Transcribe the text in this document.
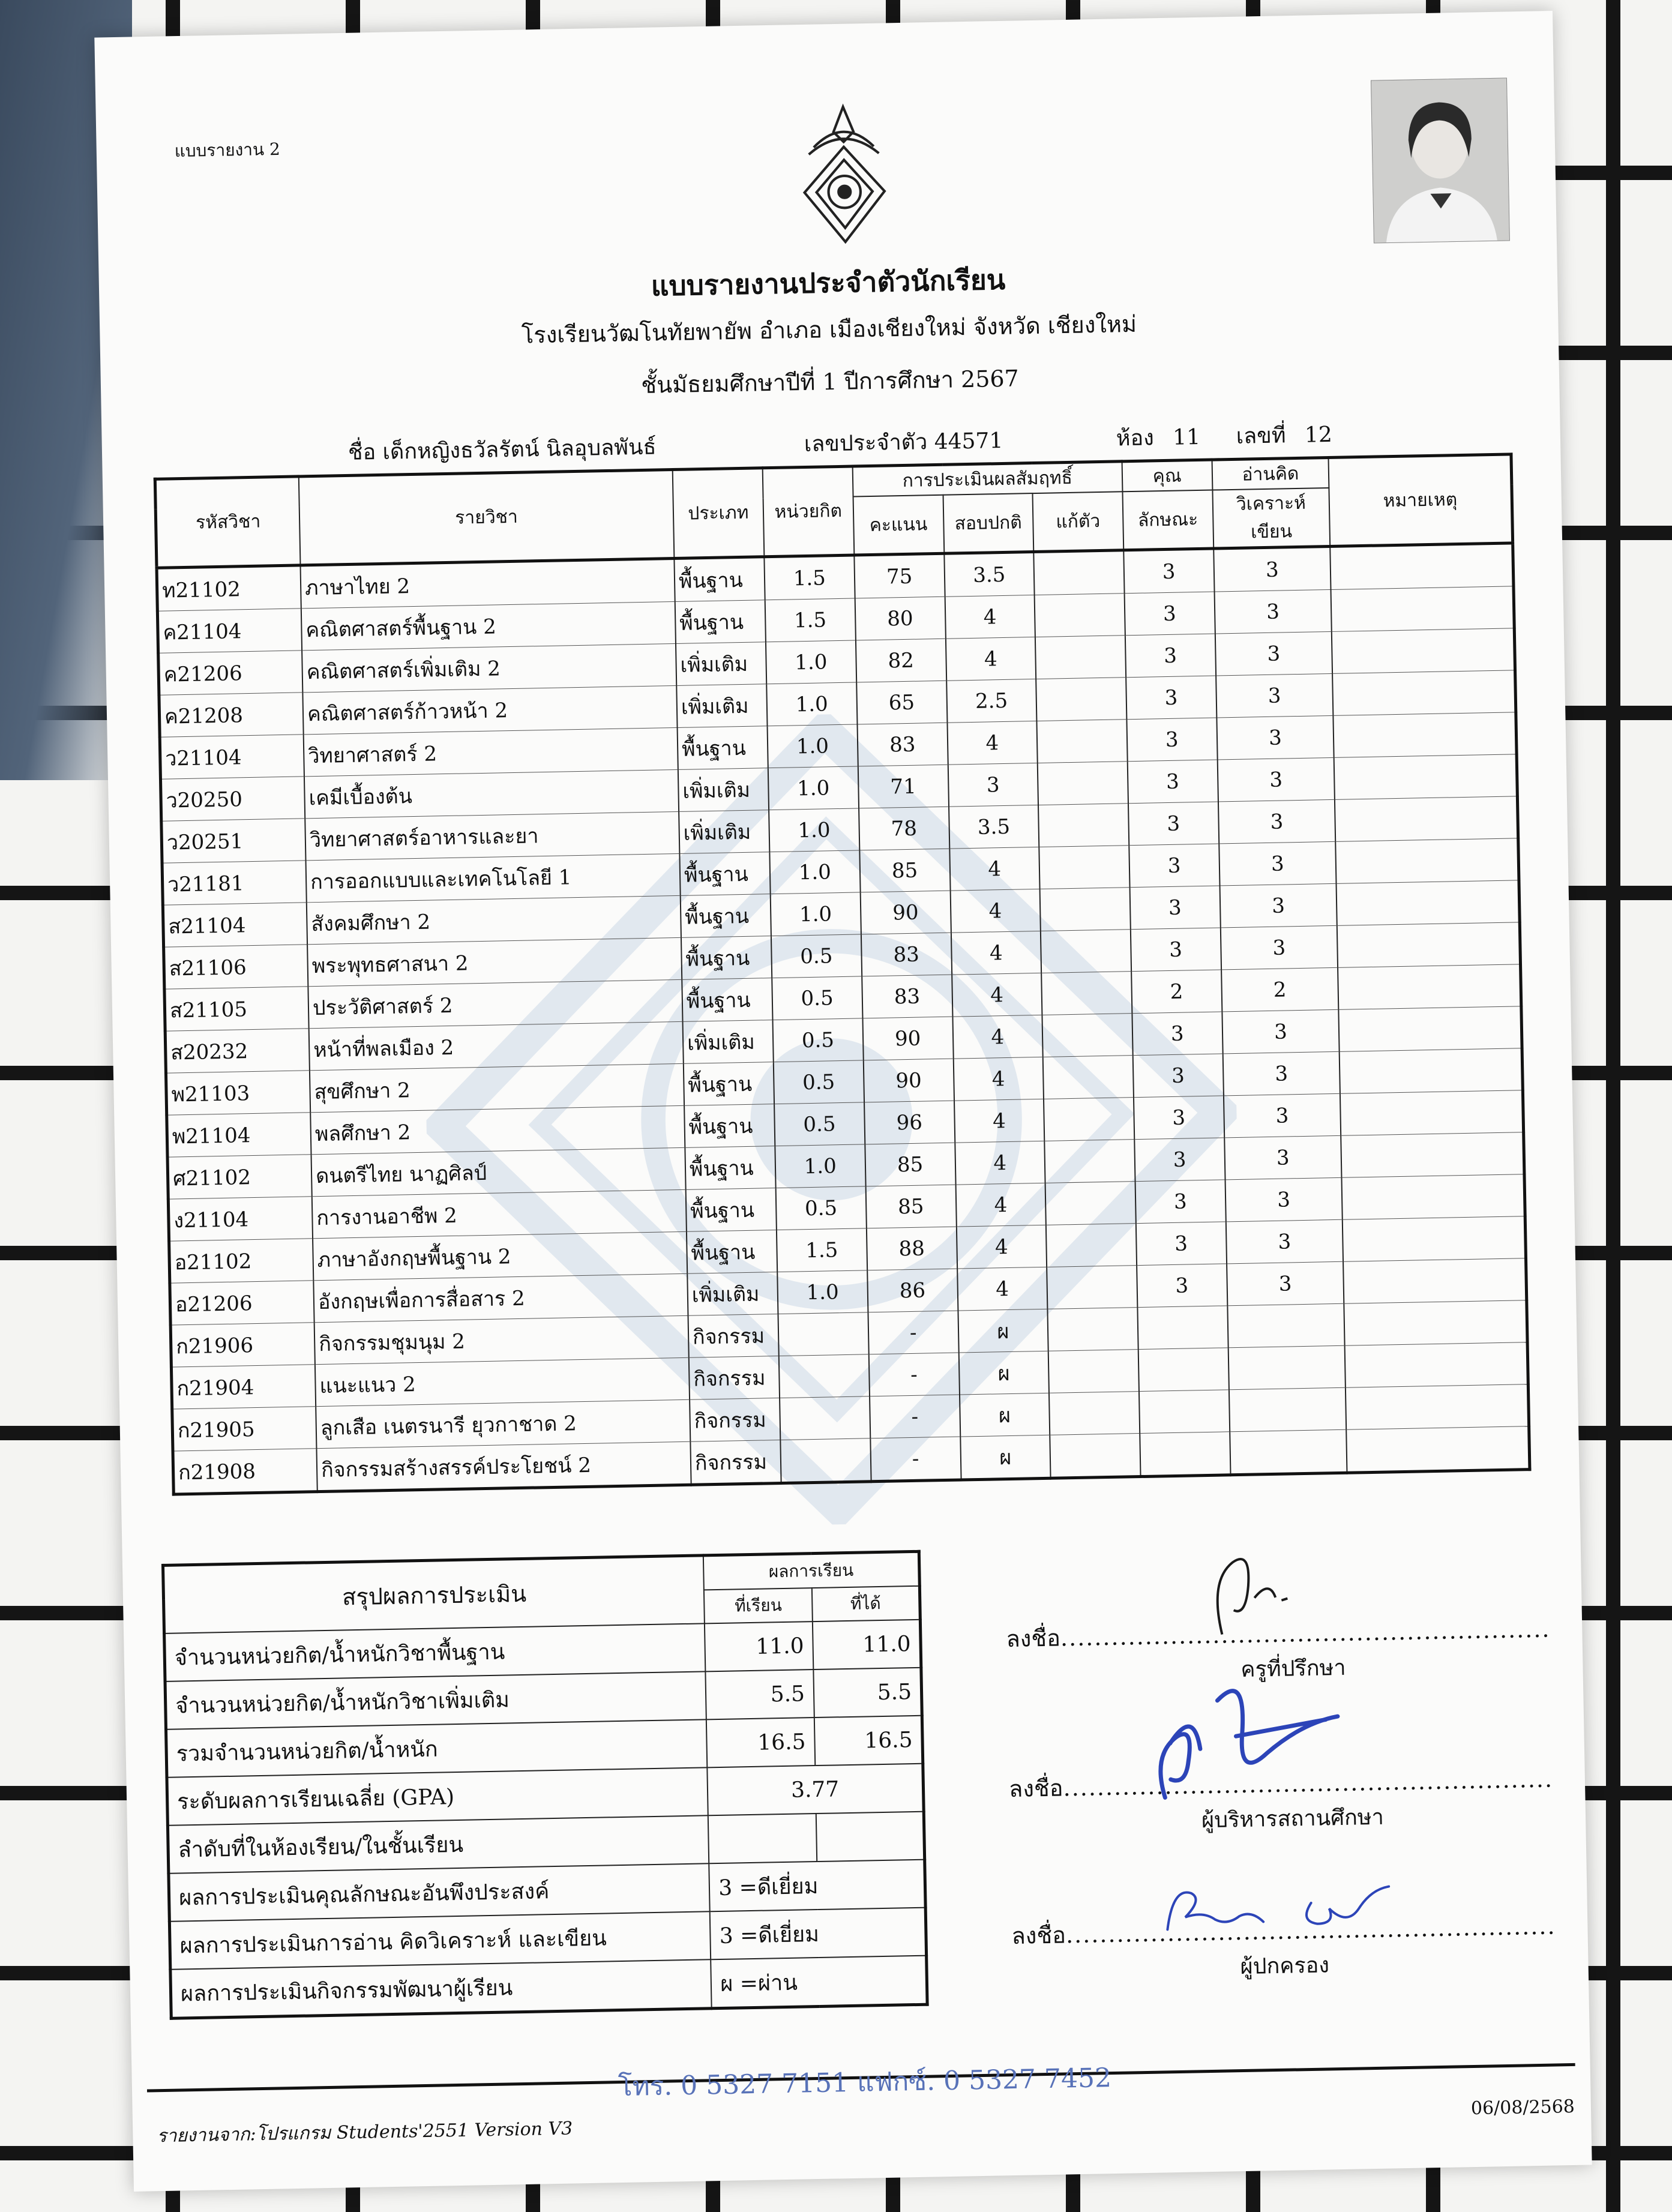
แบบรายงาน 2
แบบรายงานประจำตัวนักเรียน
โรงเรียนวัฒโนทัยพายัพ อำเภอ เมืองเชียงใหม่ จังหวัด เชียงใหม่
ชั้นมัธยมศึกษาปีที่ 1 ปีการศึกษา 2567
ชื่อ เด็กหญิงธวัลรัตน์ นิลอุบลพันธ์	เลขประจำตัว 44571	ห้อง 11 เลขที่ 12
รหัสวิชา	รายวิชา	ประเภท	หน่วยกิต	การประเมินผลสัมฤทธิ์			คุณ	อ่านคิด	หมายเหตุ
				คะแนน	สอบปกติ	แก้ตัว	ลักษณะ	วิเคราะห์เขียน	
ท21102	ภาษาไทย 2	พื้นฐาน	1.5	75	3.5		3	3	
ค21104	คณิตศาสตร์พื้นฐาน 2	พื้นฐาน	1.5	80	4		3	3	
ค21206	คณิตศาสตร์เพิ่มเติม 2	เพิ่มเติม	1.0	82	4		3	3	
ค21208	คณิตศาสตร์ก้าวหน้า 2	เพิ่มเติม	1.0	65	2.5		3	3	
ว21104	วิทยาศาสตร์ 2	พื้นฐาน	1.0	83	4		3	3	
ว20250	เคมีเบื้องต้น	เพิ่มเติม	1.0	71	3		3	3	
ว20251	วิทยาศาสตร์อาหารและยา	เพิ่มเติม	1.0	78	3.5		3	3	
ว21181	การออกแบบและเทคโนโลยี 1	พื้นฐาน	1.0	85	4		3	3	
ส21104	สังคมศึกษา 2	พื้นฐาน	1.0	90	4		3	3	
ส21106	พระพุทธศาสนา 2	พื้นฐาน	0.5	83	4		3	3	
ส21105	ประวัติศาสตร์ 2	พื้นฐาน	0.5	83	4		2	2	
ส20232	หน้าที่พลเมือง 2	เพิ่มเติม	0.5	90	4		3	3	
พ21103	สุขศึกษา 2	พื้นฐาน	0.5	90	4		3	3	
พ21104	พลศึกษา 2	พื้นฐาน	0.5	96	4		3	3	
ศ21102	ดนตรีไทย นาฏศิลป์	พื้นฐาน	1.0	85	4		3	3	
ง21104	การงานอาชีพ 2	พื้นฐาน	0.5	85	4		3	3	
อ21102	ภาษาอังกฤษพื้นฐาน 2	พื้นฐาน	1.5	88	4		3	3	
อ21206	อังกฤษเพื่อการสื่อสาร 2	เพิ่มเติม	1.0	86	4		3	3	
ก21906	กิจกรรมชุมนุม 2	กิจกรรม		-	ผ				
ก21904	แนะแนว 2	กิจกรรม		-	ผ				
ก21905	ลูกเสือ เนตรนารี ยุวกาชาด 2	กิจกรรม		-	ผ				
ก21908	กิจกรรมสร้างสรรค์ประโยชน์ 2	กิจกรรม		-	ผ				
สรุปผลการประเมิน	ผลการเรียน	
	ที่เรียน	ที่ได้
จำนวนหน่วยกิต/น้ำหนักวิชาพื้นฐาน	11.0	11.0
จำนวนหน่วยกิต/น้ำหนักวิชาเพิ่มเติม	5.5	5.5
รวมจำนวนหน่วยกิต/น้ำหนัก	16.5	16.5
ระดับผลการเรียนเฉลี่ย (GPA)	3.77	
ลำดับที่ในห้องเรียน/ในชั้นเรียน		
ผลการประเมินคุณลักษณะอันพึงประสงค์	3 =ดีเยี่ยม	
ผลการประเมินการอ่าน คิดวิเคราะห์ และเขียน	3 =ดีเยี่ยม	
ผลการประเมินกิจกรรมพัฒนาผู้เรียน	ผ =ผ่าน	
ลงชื่อ..........................................................
ครูที่ปรึกษา
ลงชื่อ..........................................................
ผู้บริหารสถานศึกษา
ลงชื่อ..........................................................
ผู้ปกครอง
โทร. 0 5327 7151 แฟกซ์. 0 5327 7452
รายงานจาก:โปรแกรม Students'2551 Version V3
06/08/2568
